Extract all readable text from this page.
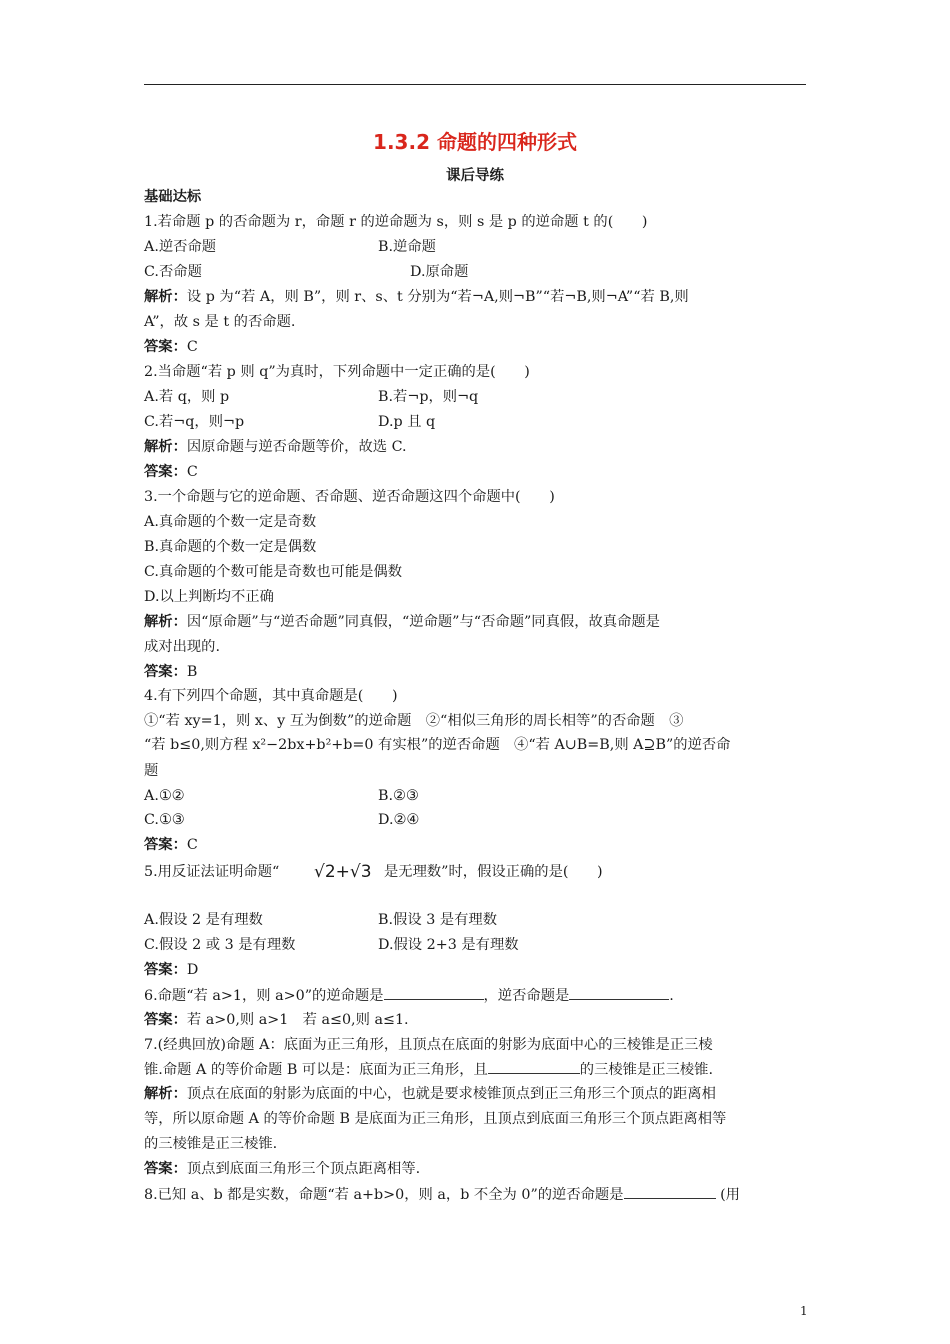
1.3.2 命题的四种形式
课后导练
基础达标
1.若命题 p 的否命题为 r，命题 r 的逆命题为 s，则 s 是 p 的逆命题 t 的(　　)
A.逆否命题	B.逆命题
C.否命题	D.原命题
解析：设 p 为“若 A，则 B”，则 r、s、t 分别为“若¬A,则¬B”“若¬B,则¬A”“若 B,则
A”，故 s 是 t 的否命题.
答案：C
2.当命题“若 p 则 q”为真时，下列命题中一定正确的是(　　)
A.若 q，则 p	B.若¬p，则¬q
C.若¬q，则¬p	D.p 且 q
解析：因原命题与逆否命题等价，故选 C.
答案：C
3.一个命题与它的逆命题、否命题、逆否命题这四个命题中(　　)
A.真命题的个数一定是奇数
B.真命题的个数一定是偶数
C.真命题的个数可能是奇数也可能是偶数
D.以上判断均不正确
解析：因“原命题”与“逆否命题”同真假，“逆命题”与“否命题”同真假，故真命题是
成对出现的.
答案：B
4.有下列四个命题，其中真命题是(　　)
①“若 xy=1，则 x、y 互为倒数”的逆命题　②“相似三角形的周长相等”的否命题　③
“若 b≤0,则方程 x²−2bx+b²+b=0 有实根”的逆否命题　④“若 A∪B=B,则 A⊇B”的逆否命
题
A.①②	B.②③
C.①③	D.②④
答案：C
5.用反证法证明命题“ √2+√3 是无理数”时，假设正确的是(　　)
A.假设 2 是有理数	B.假设 3 是有理数
C.假设 2 或 3 是有理数	D.假设 2+3 是有理数
答案：D
6.命题“若 a>1，则 a>0”的逆命题是	，逆否命题是	.
答案：若 a>0,则 a>1　若 a≤0,则 a≤1.
7.(经典回放)命题 A：底面为正三角形，且顶点在底面的射影为底面中心的三棱锥是正三棱
锥.命题 A 的等价命题 B 可以是：底面为正三角形，且	的三棱锥是正三棱锥.
解析：顶点在底面的射影为底面的中心，也就是要求棱锥顶点到正三角形三个顶点的距离相
等，所以原命题 A 的等价命题 B 是底面为正三角形，且顶点到底面三角形三个顶点距离相等
的三棱锥是正三棱锥.
答案：顶点到底面三角形三个顶点距离相等.
8.已知 a、b 都是实数，命题“若 a+b>0，则 a，b 不全为 0”的逆否命题是	(用
1
